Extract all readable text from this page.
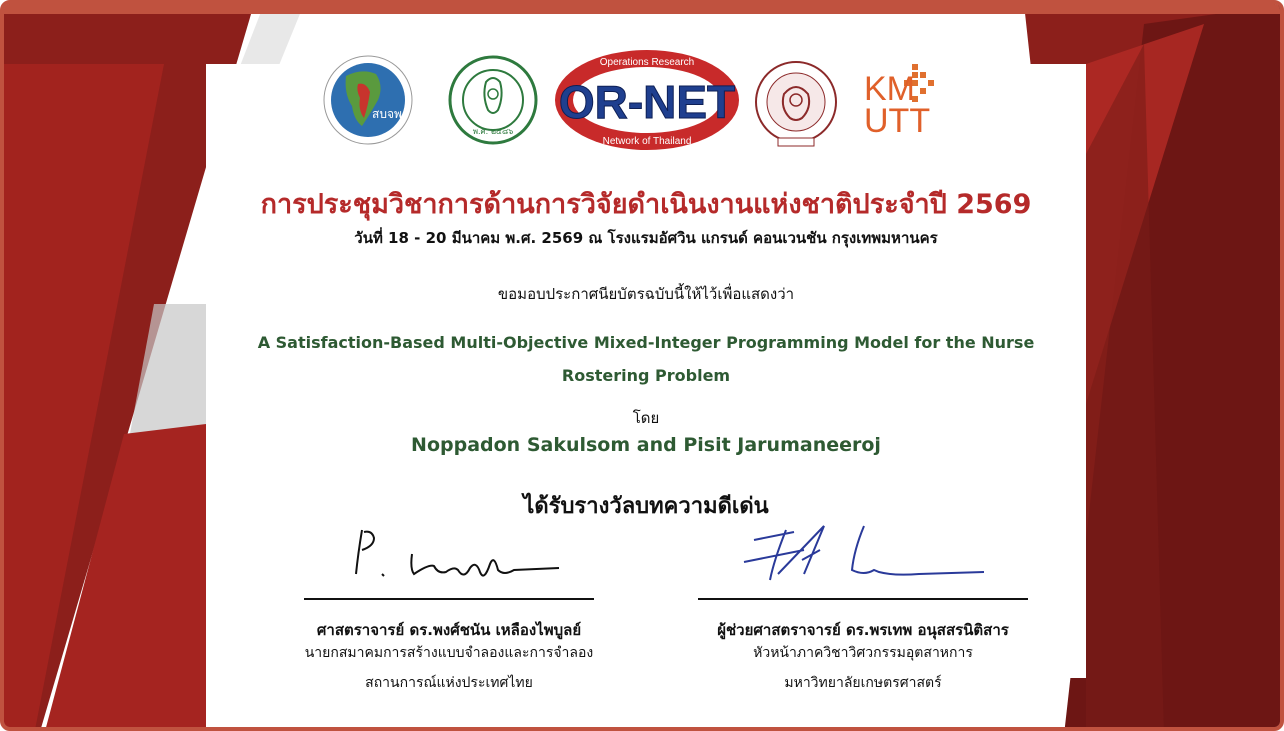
สบจพ
พ.ศ. ๒๔๘๖
OR-NET
Operations Research
Network of Thailand
KM
UTT
การประชุมวิชาการด้านการวิจัยดำเนินงานแห่งชาติประจำปี 2569
วันที่ 18 - 20 มีนาคม พ.ศ. 2569 ณ โรงแรมอัศวิน แกรนด์ คอนเวนชัน กรุงเทพมหานคร
ขอมอบประกาศนียบัตรฉบับนี้ให้ไว้เพื่อแสดงว่า
A Satisfaction-Based Multi-Objective Mixed-Integer Programming Model for the Nurse Rostering Problem
โดย
Noppadon Sakulsom and Pisit Jarumaneeroj
ได้รับรางวัลบทความดีเด่น
ศาสตราจารย์ ดร.พงศ์ชนัน เหลืองไพบูลย์
นายกสมาคมการสร้างแบบจำลองและการจำลอง
สถานการณ์แห่งประเทศไทย
ผู้ช่วยศาสตราจารย์ ดร.พรเทพ อนุสสรนิติสาร
หัวหน้าภาควิชาวิศวกรรมอุตสาหการ
มหาวิทยาลัยเกษตรศาสตร์
